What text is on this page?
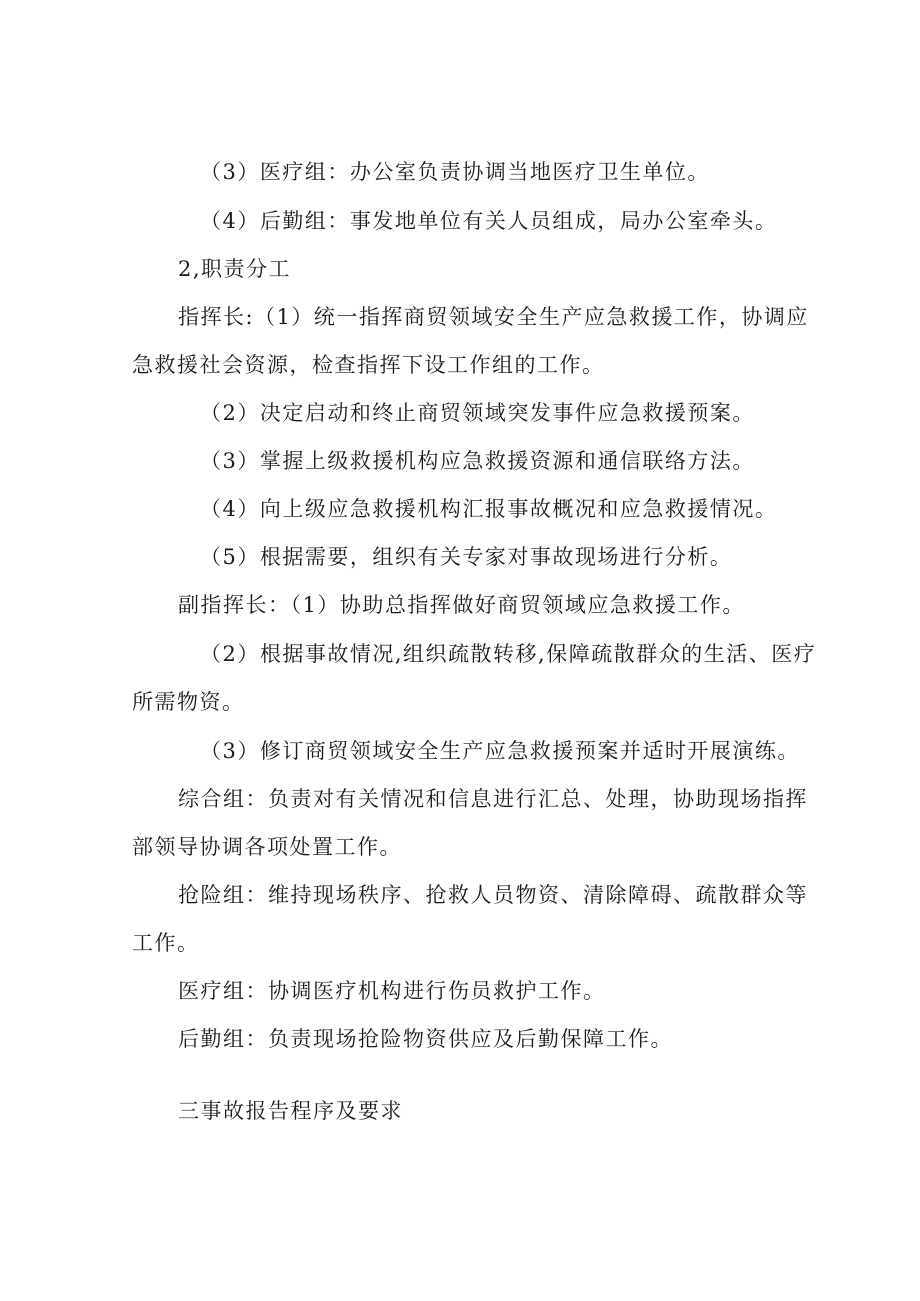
（3）医疗组：办公室负责协调当地医疗卫生单位。
（4）后勤组：事发地单位有关人员组成，局办公室牵头。
2,职责分工
指挥长:（1）统一指挥商贸领域安全生产应急救援工作，协调应
急救援社会资源，检查指挥下设工作组的工作。
（2）决定启动和终止商贸领域突发事件应急救援预案。
（3）掌握上级救援机构应急救援资源和通信联络方法。
（4）向上级应急救援机构汇报事故概况和应急救援情况。
（5）根据需要，组织有关专家对事故现场进行分析。
副指挥长：（1）协助总指挥做好商贸领域应急救援工作。
（2）根据事故情况,组织疏散转移,保障疏散群众的生活、医疗
所需物资。
（3）修订商贸领域安全生产应急救援预案并适时开展演练。
综合组：负责对有关情况和信息进行汇总、处理，协助现场指挥
部领导协调各项处置工作。
抢险组：维持现场秩序、抢救人员物资、清除障碍、疏散群众等
工作。
医疗组：协调医疗机构进行伤员救护工作。
后勤组：负责现场抢险物资供应及后勤保障工作。
三事故报告程序及要求
